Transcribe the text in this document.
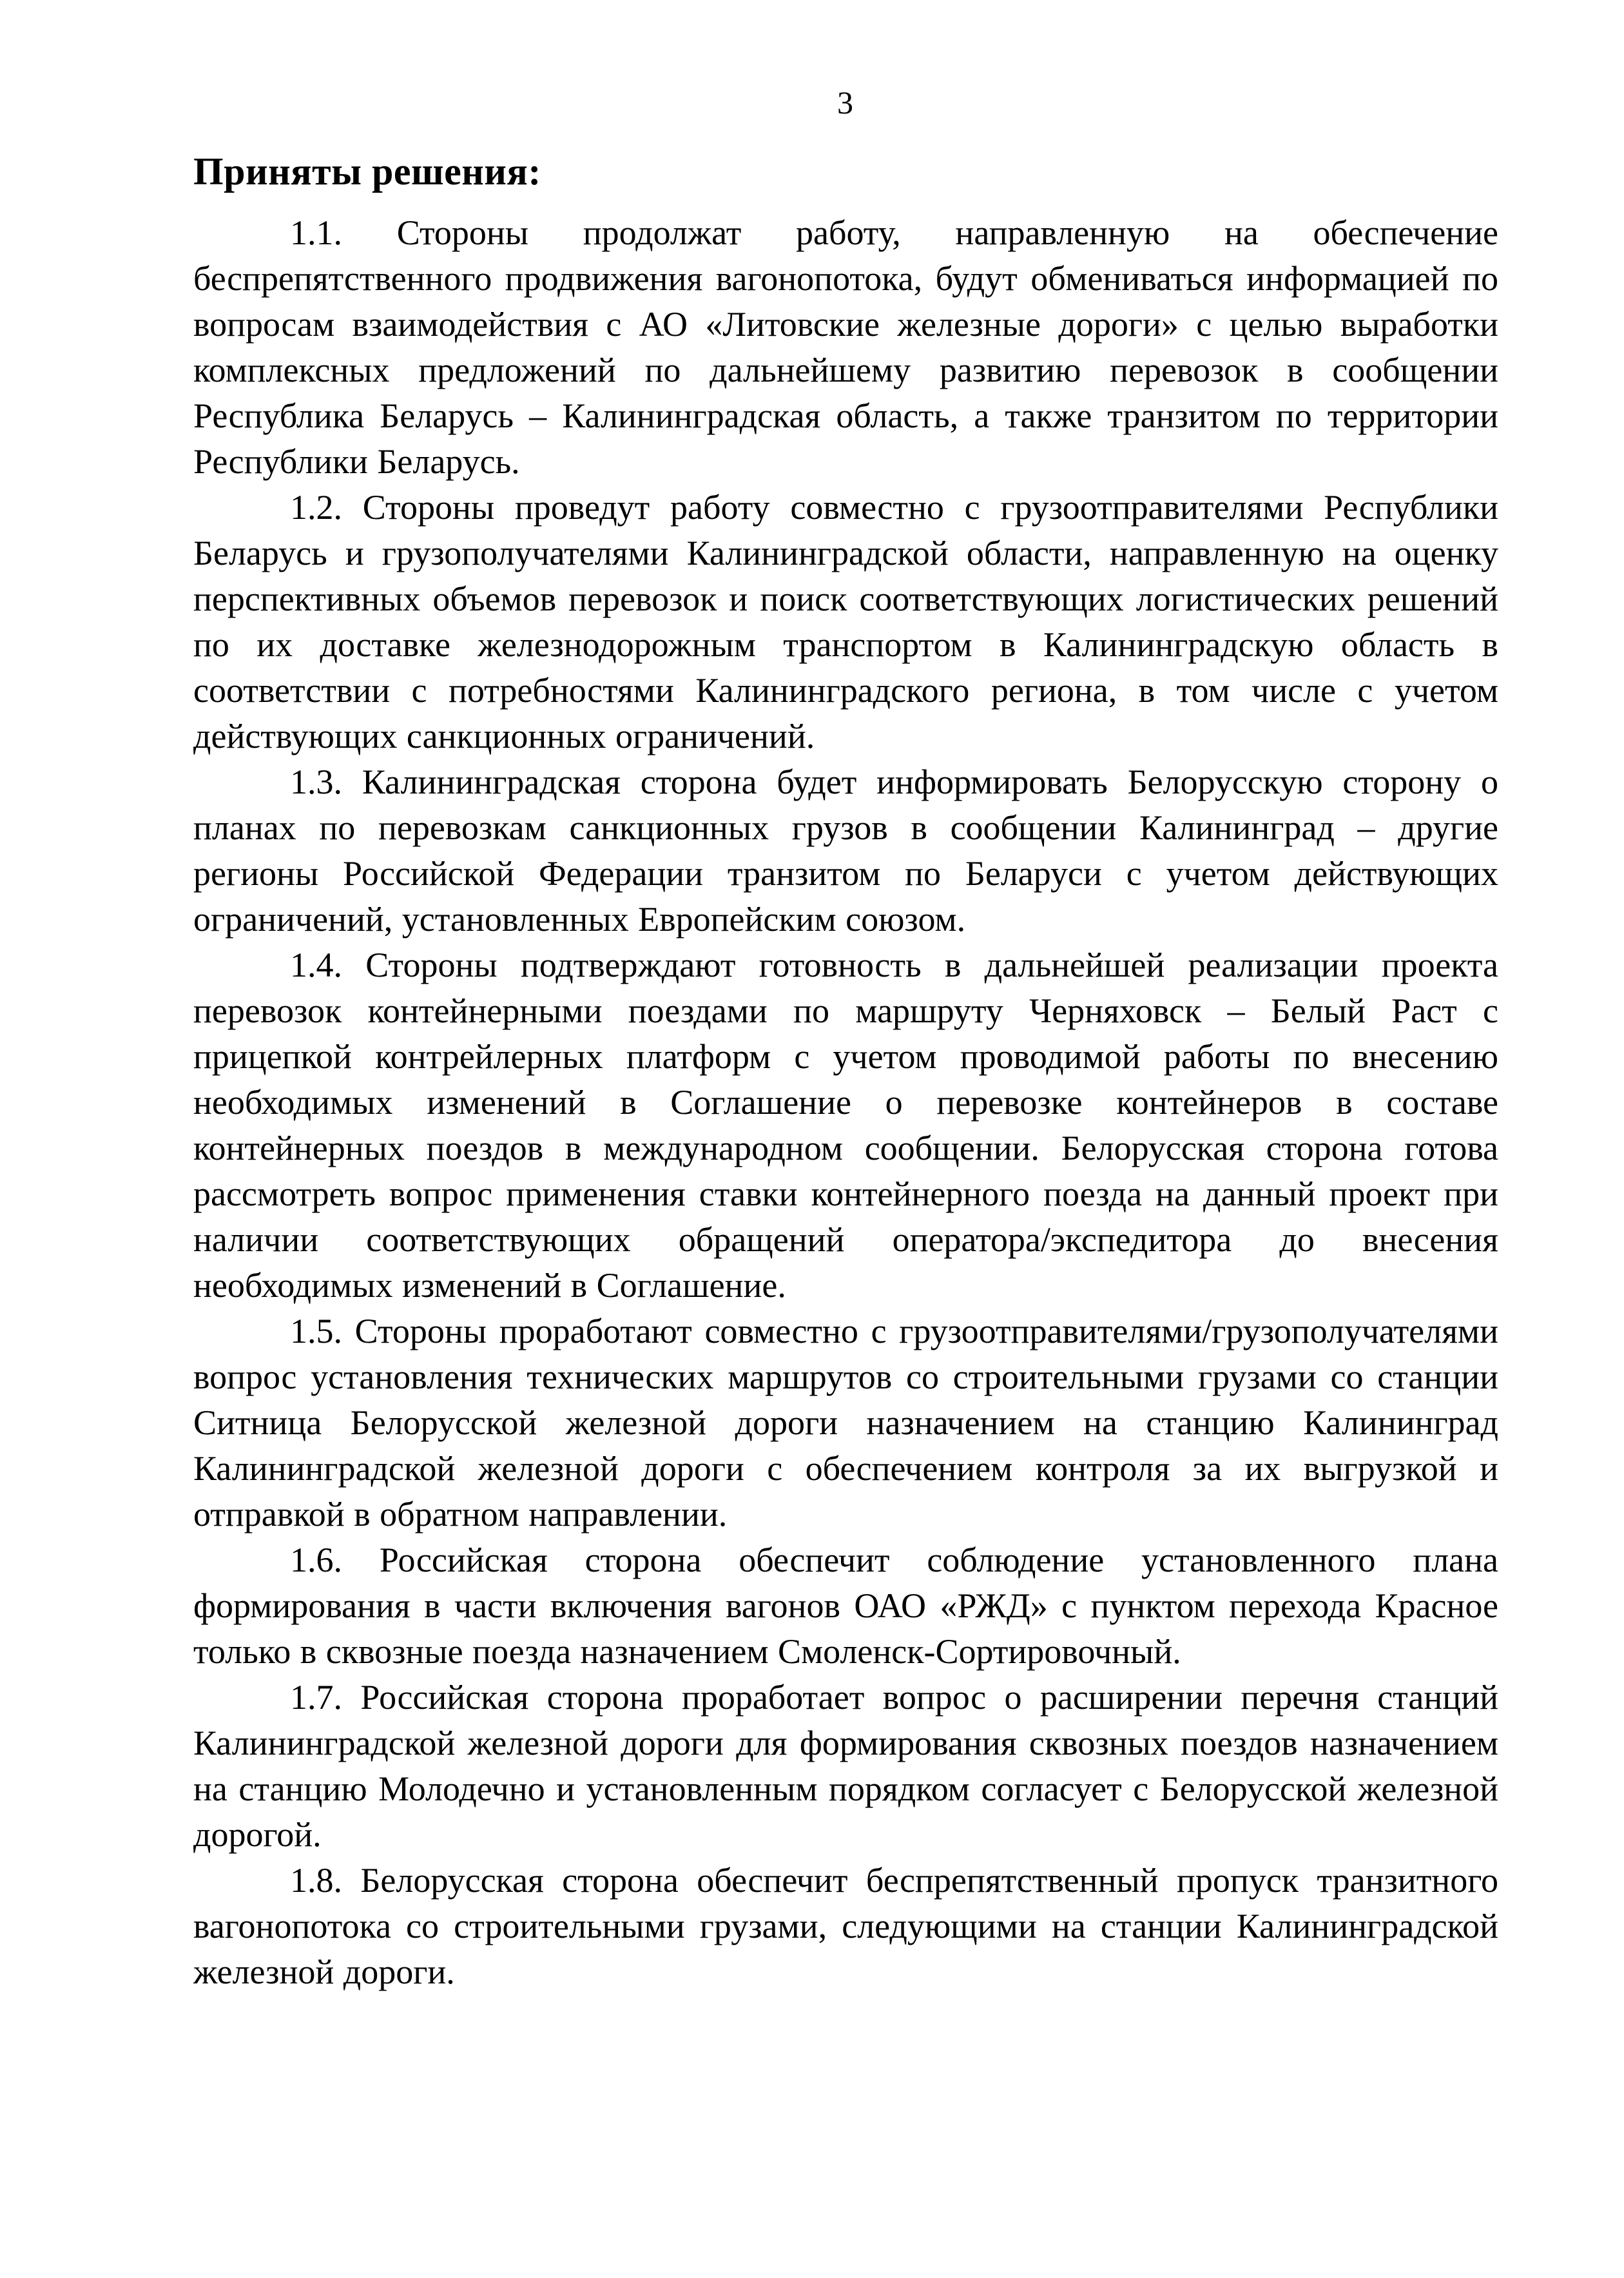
3
Приняты решения:

1.1. Стороны продолжат работу, направленную на обеспечение беспрепятственного продвижения вагонопотока, будут обмениваться информацией по вопросам взаимодействия с АО «Литовские железные дороги» с целью выработки комплексных предложений по дальнейшему развитию перевозок в сообщении Республика Беларусь – Калининградская область, а также транзитом по территории Республики Беларусь.

1.2. Стороны проведут работу совместно с грузоотправителями Республики Беларусь и грузополучателями Калининградской области, направленную на оценку перспективных объемов перевозок и поиск соответствующих логистических решений по их доставке железнодорожным транспортом в Калининградскую область в соответствии с потребностями Калининградского региона, в том числе с учетом действующих санкционных ограничений.

1.3. Калининградская сторона будет информировать Белорусскую сторону о планах по перевозкам санкционных грузов в сообщении Калининград – другие регионы Российской Федерации транзитом по Беларуси с учетом действующих ограничений, установленных Европейским союзом.

1.4. Стороны подтверждают готовность в дальнейшей реализации проекта перевозок контейнерными поездами по маршруту Черняховск – Белый Раст с прицепкой контрейлерных платформ с учетом проводимой работы по внесению необходимых изменений в Соглашение о перевозке контейнеров в составе контейнерных поездов в международном сообщении. Белорусская сторона готова рассмотреть вопрос применения ставки контейнерного поезда на данный проект при наличии соответствующих обращений оператора/экспедитора до внесения необходимых изменений в Соглашение.

1.5. Стороны проработают совместно с грузоотправителями/грузополучателями вопрос установления технических маршрутов со строительными грузами со станции Ситница Белорусской железной дороги назначением на станцию Калининград Калининградской железной дороги с обеспечением контроля за их выгрузкой и отправкой в обратном направлении.

1.6. Российская сторона обеспечит соблюдение установленного плана формирования в части включения вагонов ОАО «РЖД» с пунктом перехода Красное только в сквозные поезда назначением Смоленск-Сортировочный.

1.7. Российская сторона проработает вопрос о расширении перечня станций Калининградской железной дороги для формирования сквозных поездов назначением на станцию Молодечно и установленным порядком согласует с Белорусской железной дорогой.

1.8. Белорусская сторона обеспечит беспрепятственный пропуск транзитного вагонопотока со строительными грузами, следующими на станции Калининградской железной дороги.
